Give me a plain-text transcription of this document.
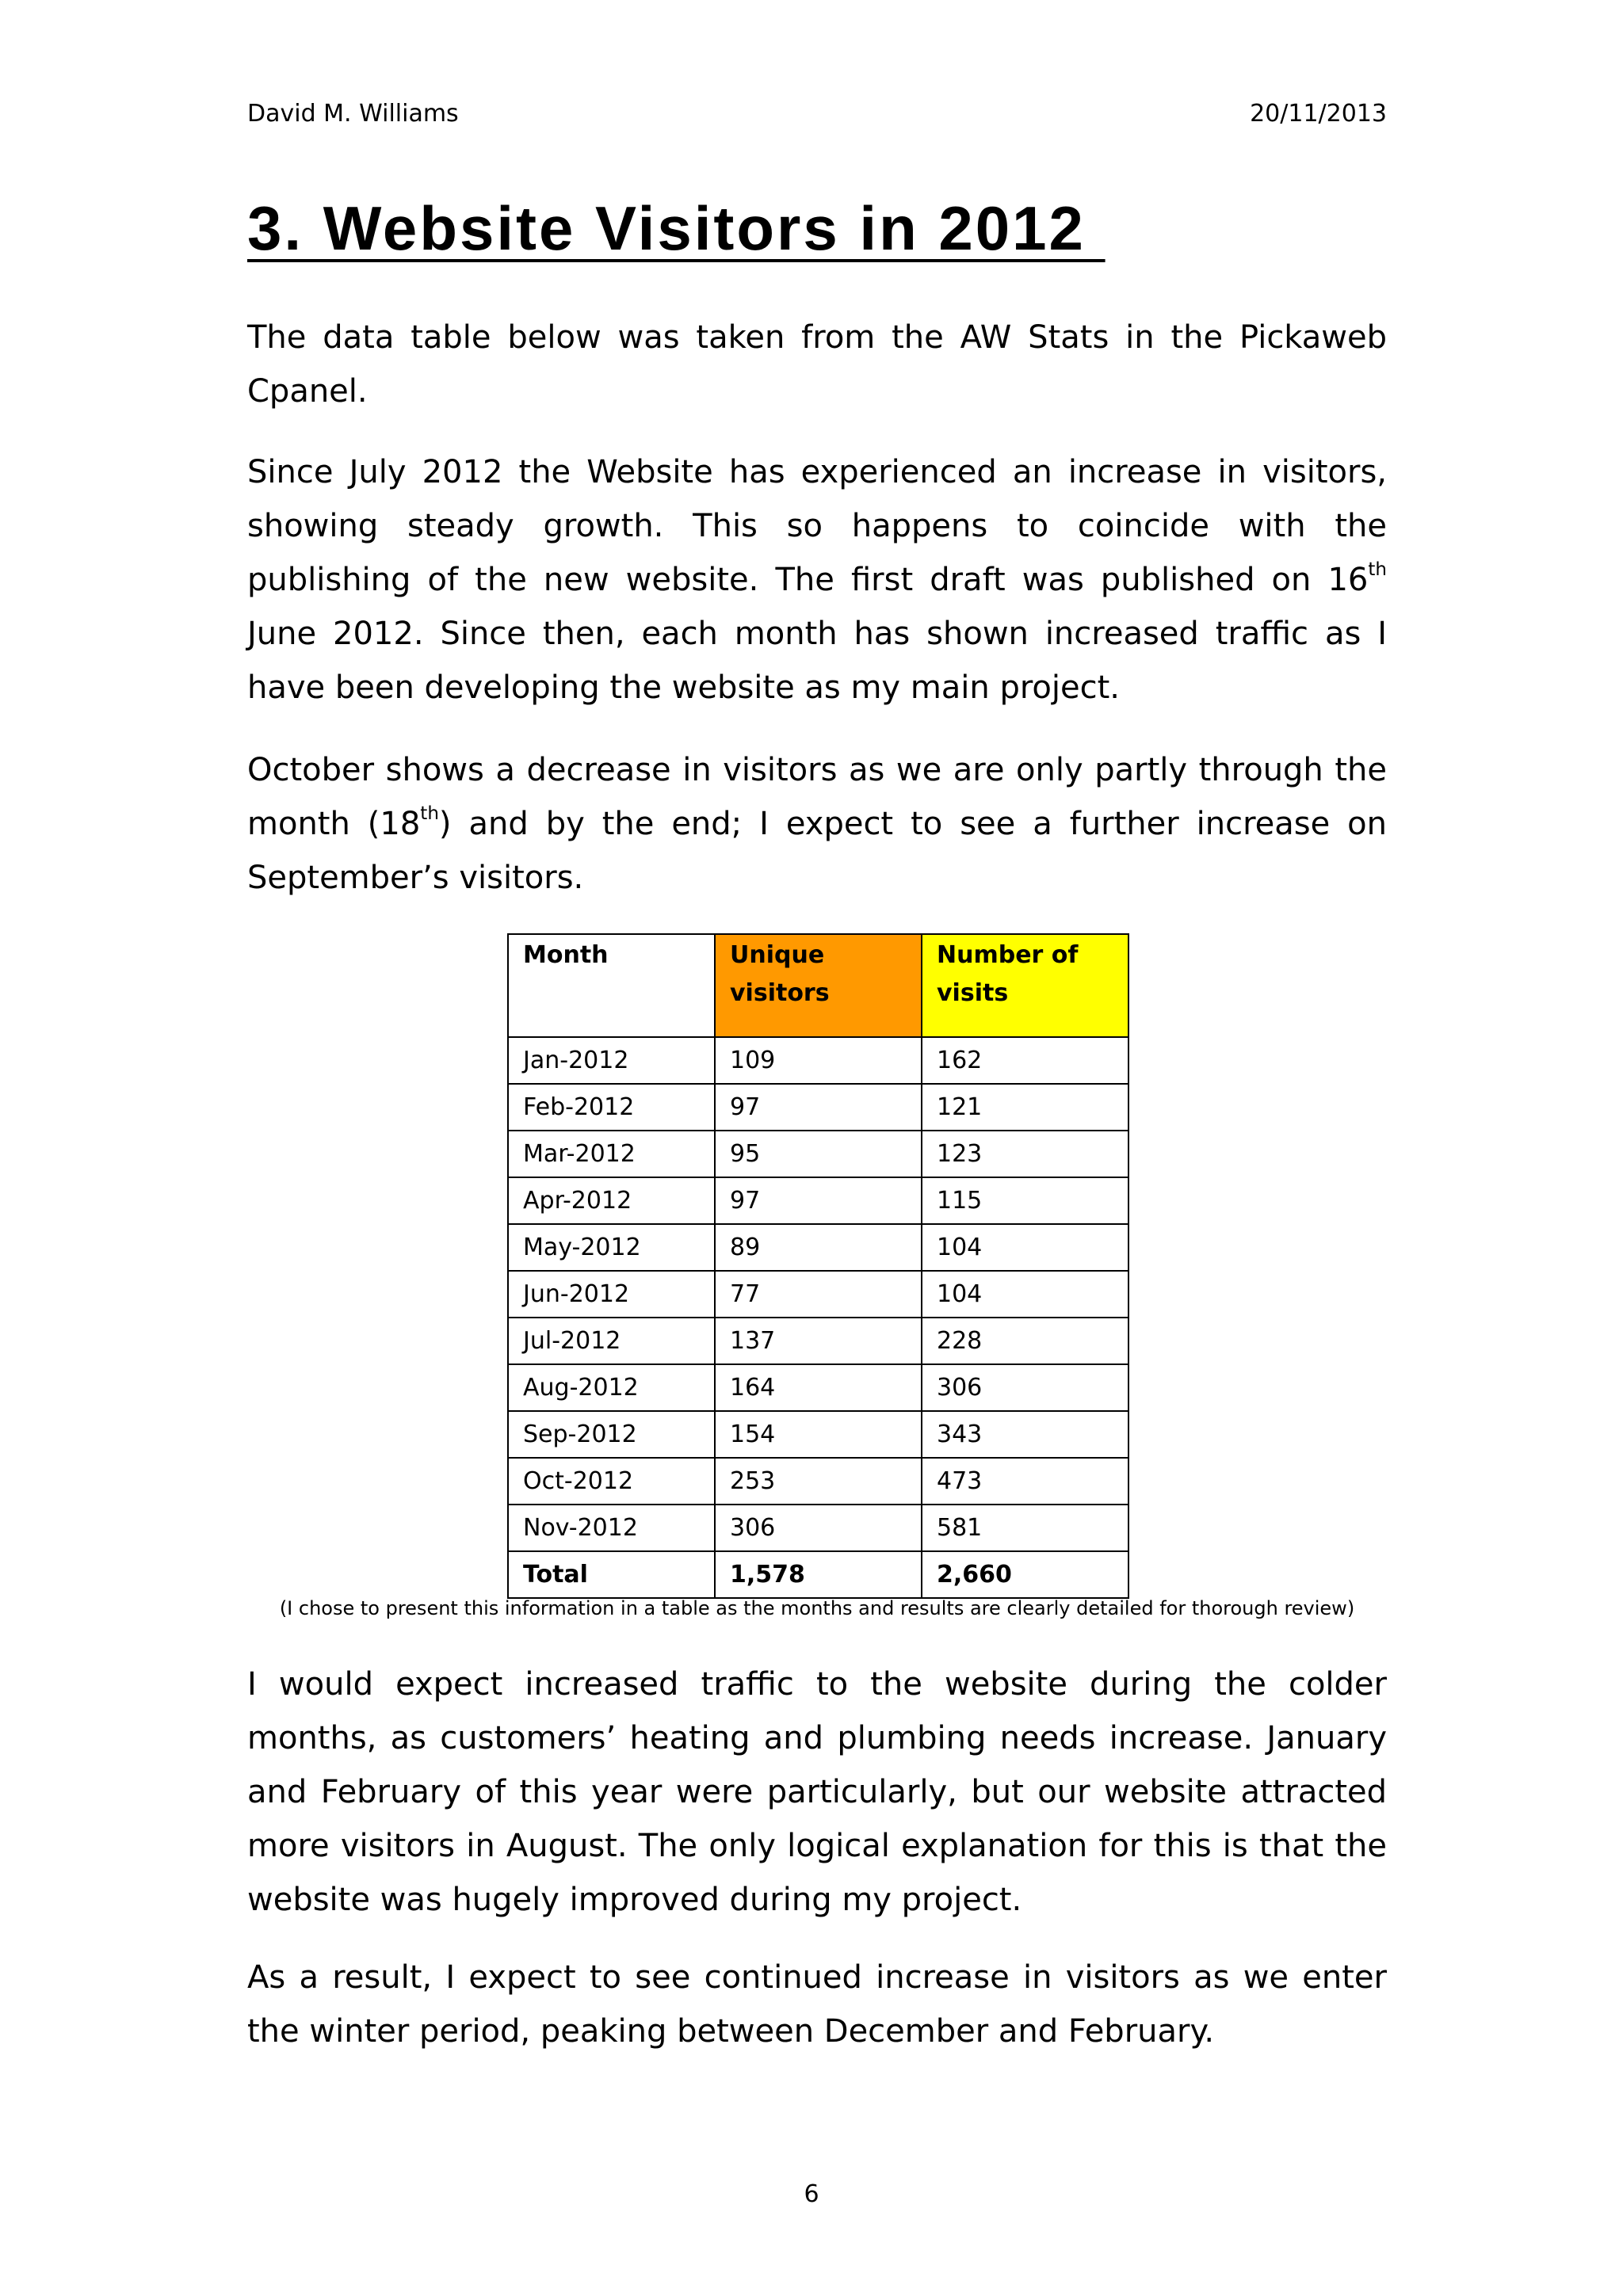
David M. Williams	20/11/2013
3. Website Visitors in 2012

The data table below was taken from the AW Stats in the Pickaweb Cpanel.

Since July 2012 the Website has experienced an increase in visitors, showing steady growth. This so happens to coincide with the publishing of the new website. The first draft was published on 16th June 2012. Since then, each month has shown increased traffic as I have been developing the website as my main project.

October shows a decrease in visitors as we are only partly through the month (18th) and by the end; I expect to see a further increase on September’s visitors.

Month	Unique visitors	Number of visits
Jan-2012	109	162
Feb-2012	97	121
Mar-2012	95	123
Apr-2012	97	115
May-2012	89	104
Jun-2012	77	104
Jul-2012	137	228
Aug-2012	164	306
Sep-2012	154	343
Oct-2012	253	473
Nov-2012	306	581
Total	1,578	2,660
(I chose to present this information in a table as the months and results are clearly detailed for thorough review)

I would expect increased traffic to the website during the colder months, as customers’ heating and plumbing needs increase. January and February of this year were particularly, but our website attracted more visitors in August. The only logical explanation for this is that the website was hugely improved during my project.

As a result, I expect to see continued increase in visitors as we enter the winter period, peaking between December and February.

6
